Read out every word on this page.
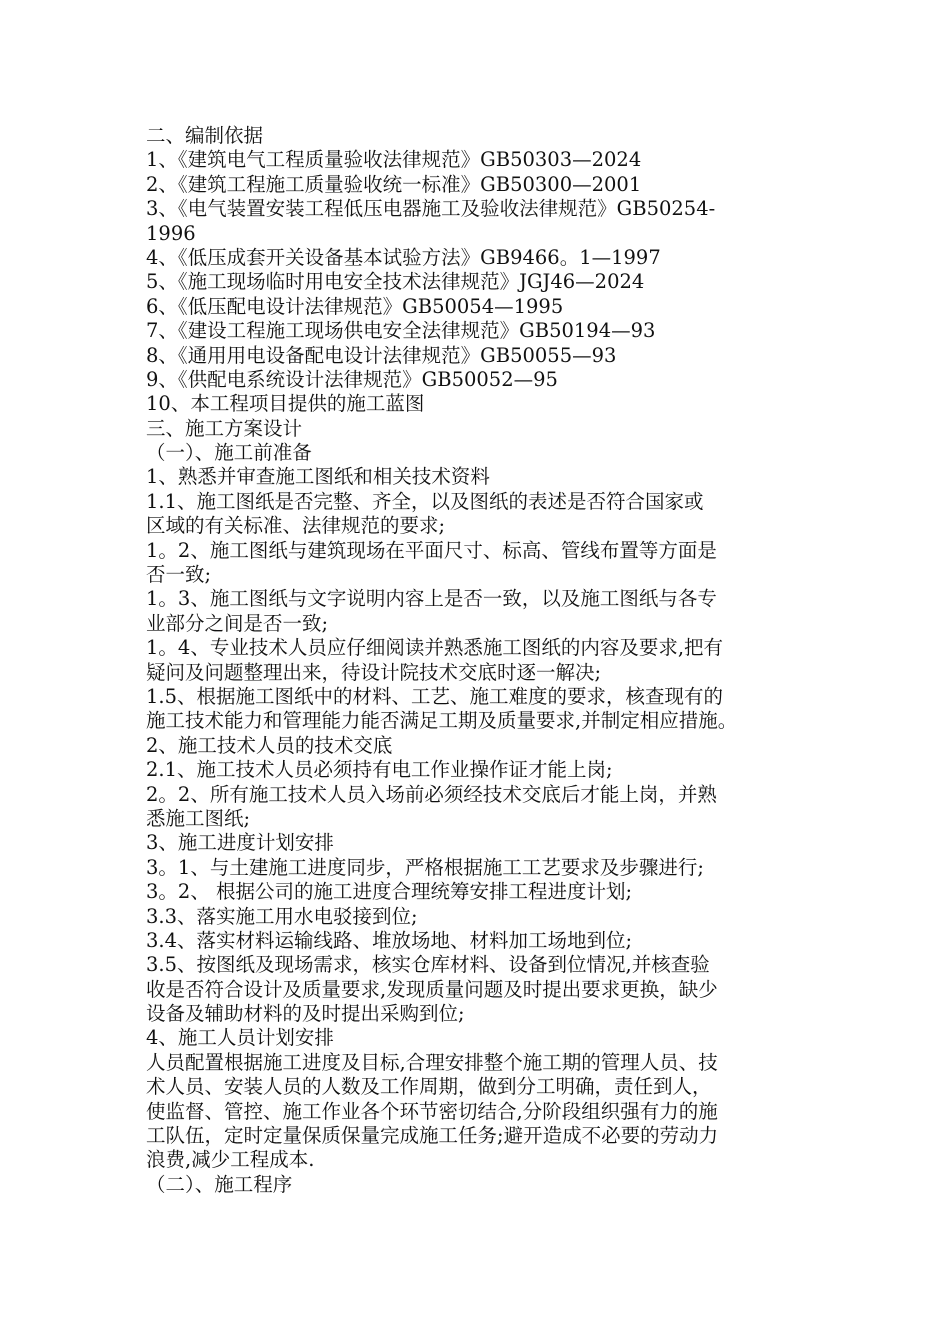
二、编制依据
1、《建筑电气工程质量验收法律规范》GB50303—2024
2、《建筑工程施工质量验收统一标准》GB50300—2001
3、《电气装置安装工程低压电器施工及验收法律规范》GB50254-
1996
4、《低压成套开关设备基本试验方法》GB9466。1—1997
5、《施工现场临时用电安全技术法律规范》JGJ46—2024
6、《低压配电设计法律规范》GB50054—1995
7、《建设工程施工现场供电安全法律规范》GB50194—93
8、《通用用电设备配电设计法律规范》GB50055—93
9、《供配电系统设计法律规范》GB50052—95
10、本工程项目提供的施工蓝图
三、施工方案设计
（一）、施工前准备
1、熟悉并审查施工图纸和相关技术资料
1.1、施工图纸是否完整、齐全，以及图纸的表述是否符合国家或
区域的有关标准、法律规范的要求;
1。2、施工图纸与建筑现场在平面尺寸、标高、管线布置等方面是
否一致;
1。3、施工图纸与文字说明内容上是否一致，以及施工图纸与各专
业部分之间是否一致;
1。4、专业技术人员应仔细阅读并熟悉施工图纸的内容及要求,把有
疑问及问题整理出来，待设计院技术交底时逐一解决;
1.5、根据施工图纸中的材料、工艺、施工难度的要求，核查现有的
施工技术能力和管理能力能否满足工期及质量要求,并制定相应措施。
2、施工技术人员的技术交底
2.1、施工技术人员必须持有电工作业操作证才能上岗;
2。2、所有施工技术人员入场前必须经技术交底后才能上岗，并熟
悉施工图纸;
3、施工进度计划安排
3。1、与土建施工进度同步，严格根据施工工艺要求及步骤进行;
3。2、 根据公司的施工进度合理统筹安排工程进度计划;
3.3、落实施工用水电驳接到位;
3.4、落实材料运输线路、堆放场地、材料加工场地到位;
3.5、按图纸及现场需求，核实仓库材料、设备到位情况,并核查验
收是否符合设计及质量要求,发现质量问题及时提出要求更换，缺少
设备及辅助材料的及时提出采购到位;
4、施工人员计划安排
人员配置根据施工进度及目标,合理安排整个施工期的管理人员、技
术人员、安装人员的人数及工作周期，做到分工明确，责任到人，
使监督、管控、施工作业各个环节密切结合,分阶段组织强有力的施
工队伍，定时定量保质保量完成施工任务;避开造成不必要的劳动力
浪费,减少工程成本.
（二）、施工程序
